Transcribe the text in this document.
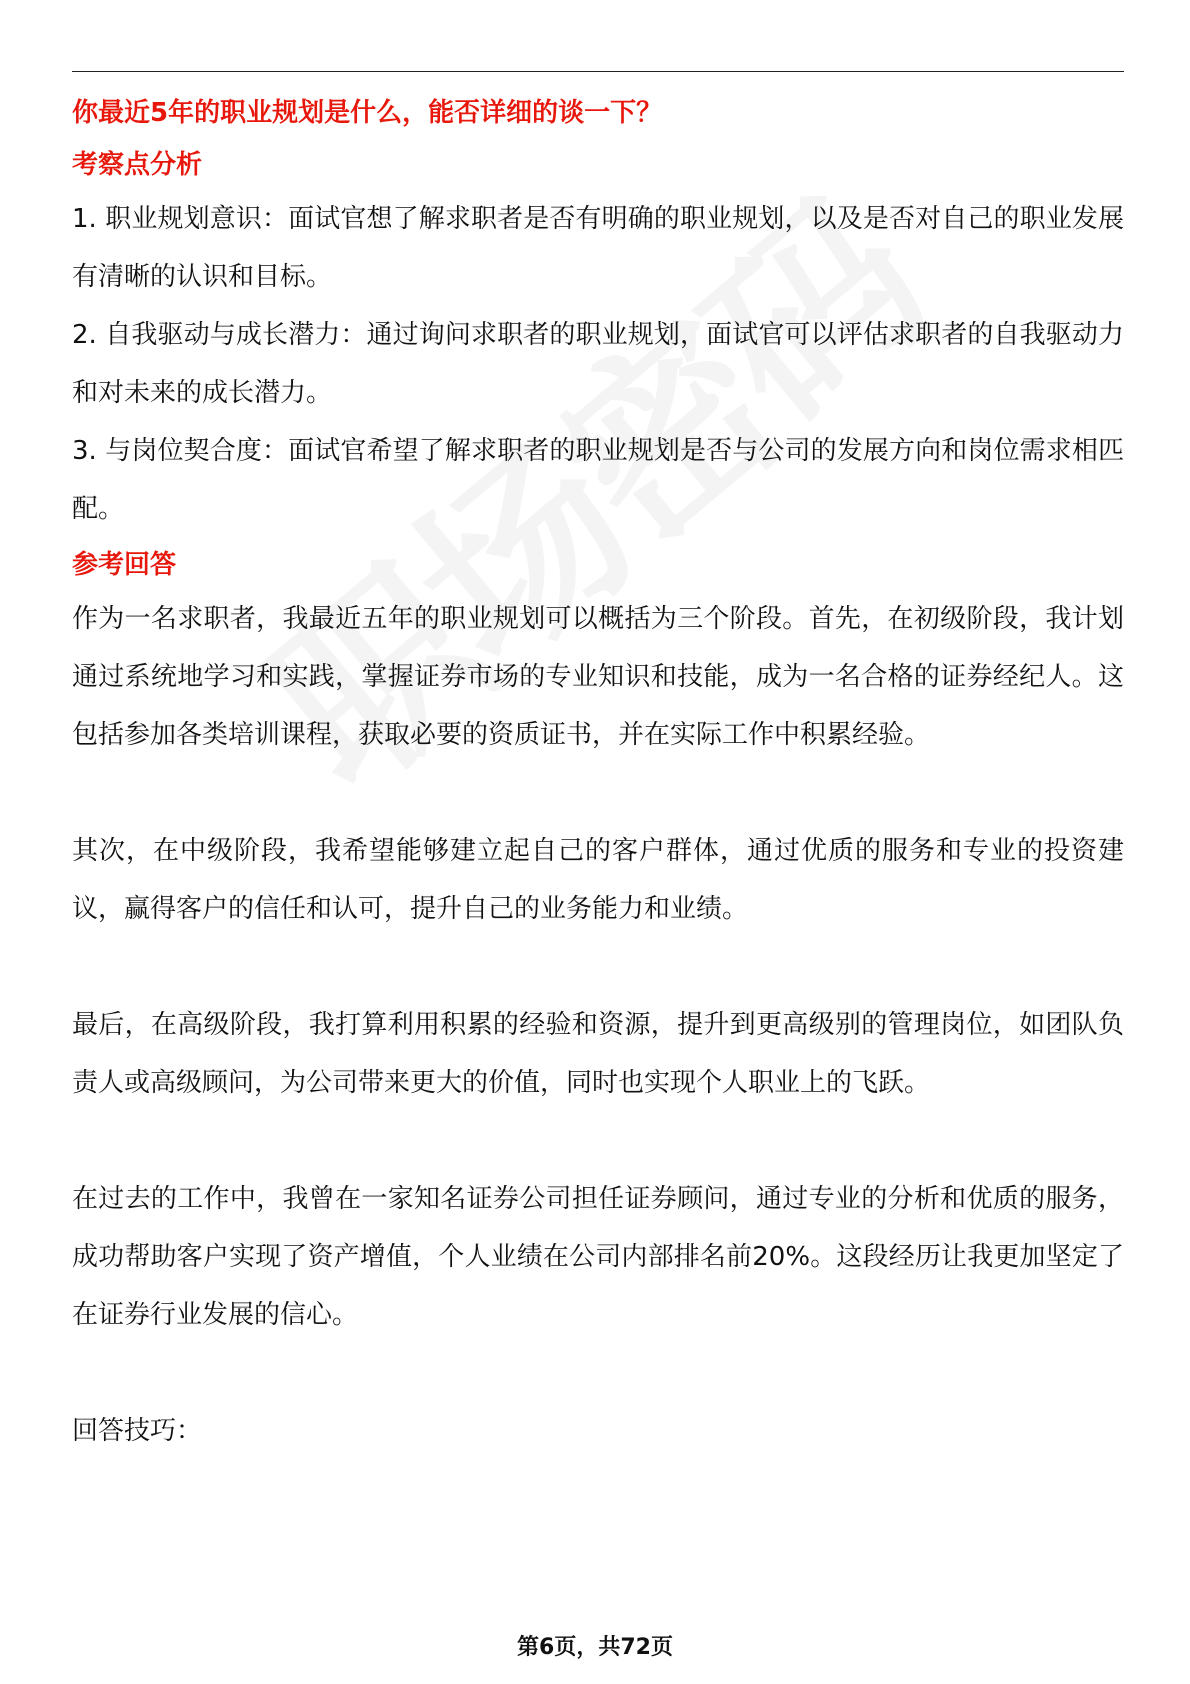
你最近5年的职业规划是什么，能否详细的谈一下？

考察点分析

1. 职业规划意识：面试官想了解求职者是否有明确的职业规划，以及是否对自己的职业发展有清晰的认识和目标。

2. 自我驱动与成长潜力：通过询问求职者的职业规划，面试官可以评估求职者的自我驱动力和对未来的成长潜力。

3. 与岗位契合度：面试官希望了解求职者的职业规划是否与公司的发展方向和岗位需求相匹配。

参考回答

作为一名求职者，我最近五年的职业规划可以概括为三个阶段。首先，在初级阶段，我计划通过系统地学习和实践，掌握证券市场的专业知识和技能，成为一名合格的证券经纪人。这包括参加各类培训课程，获取必要的资质证书，并在实际工作中积累经验。

其次，在中级阶段，我希望能够建立起自己的客户群体，通过优质的服务和专业的投资建议，赢得客户的信任和认可，提升自己的业务能力和业绩。

最后，在高级阶段，我打算利用积累的经验和资源，提升到更高级别的管理岗位，如团队负责人或高级顾问，为公司带来更大的价值，同时也实现个人职业上的飞跃。

在过去的工作中，我曾在一家知名证券公司担任证券顾问，通过专业的分析和优质的服务，成功帮助客户实现了资产增值，个人业绩在公司内部排名前20%。这段经历让我更加坚定了在证券行业发展的信心。

回答技巧：

第6页，共72页
